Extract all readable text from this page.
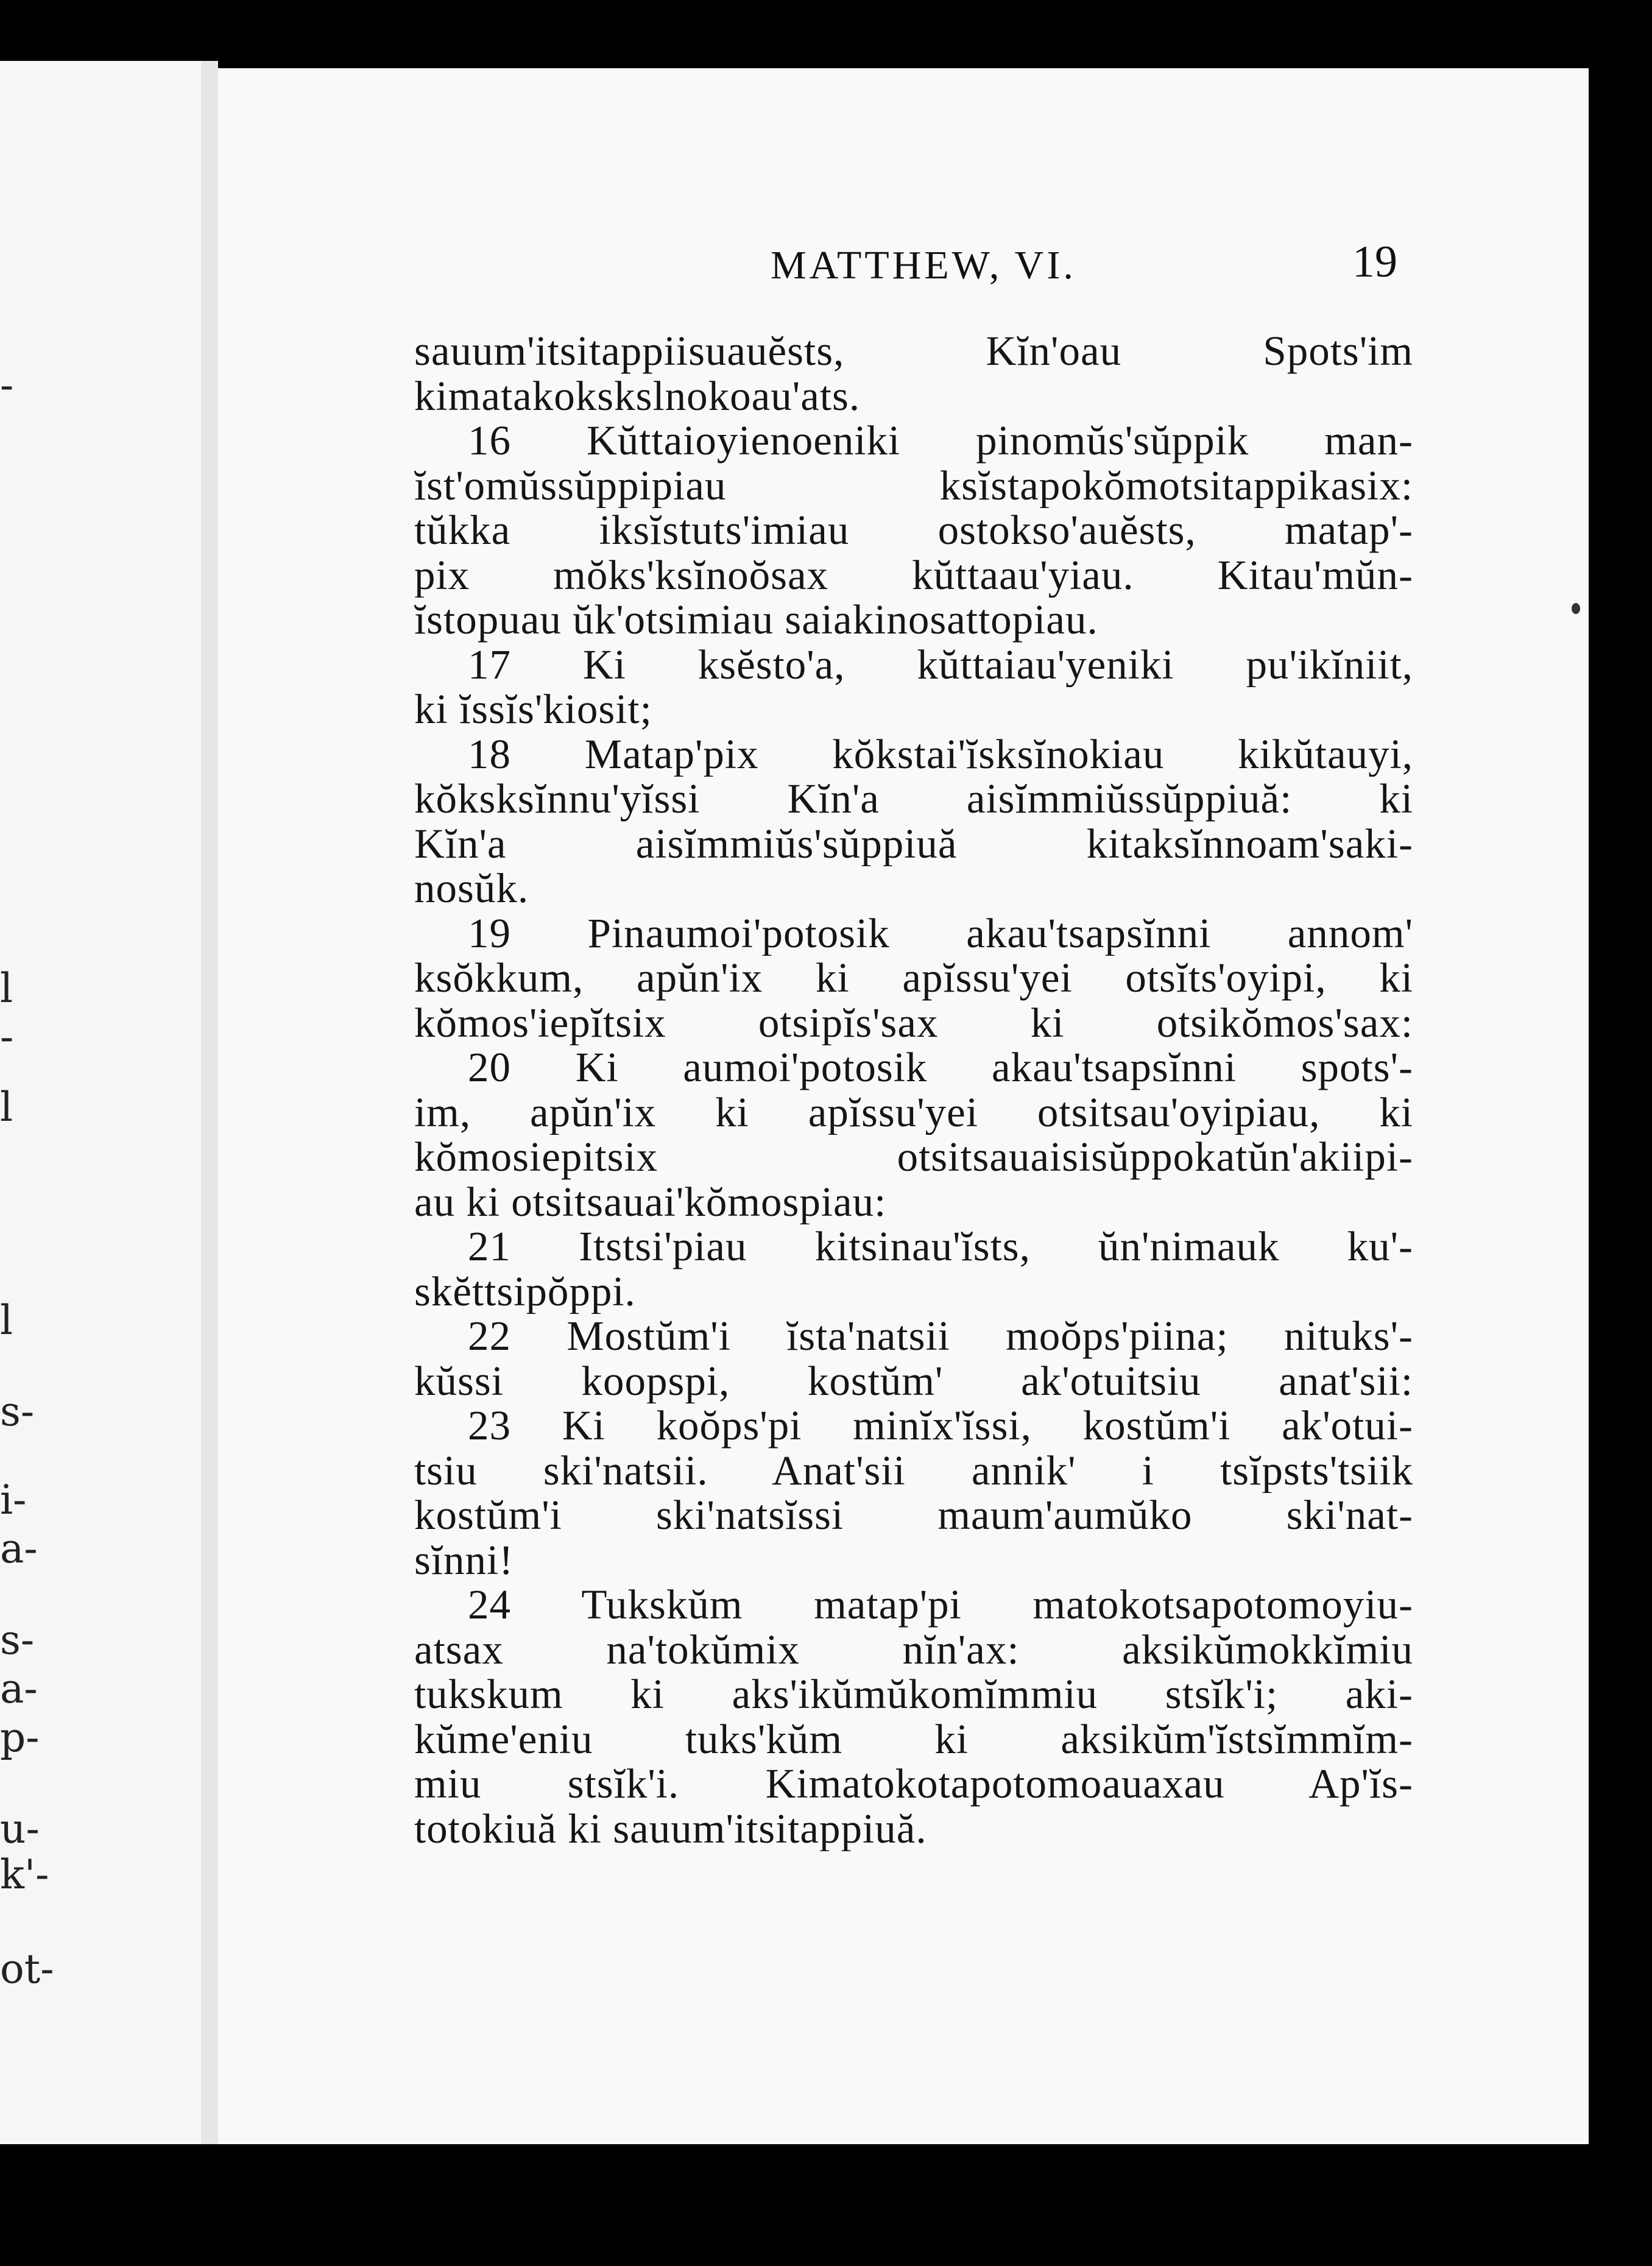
-
l
-
l
l
s-
i-
a-
s-
a-
p-
u-
k'-
ot-
MATTHEW, VI.	19
sauum'itsitappiisuauĕsts, Kĭn'oau Spots'im
kimatakokskslnokoau'ats.
16 Kŭttaioyienoeniki pinomŭs'sŭppik man-
ĭst'omŭssŭppipiau ksĭstapokŏmotsitappikasix:
tŭkka iksĭstuts'imiau ostokso'auĕsts, matap'-
pix mŏks'ksĭnoŏsax kŭttaau'yiau. Kitau'mŭn-
ĭstopuau ŭk'otsimiau saiakinosattopiau.
17 Ki ksĕsto'a, kŭttaiau'yeniki pu'ikĭniit,
ki ĭssĭs'kiosit;
18 Matap'pix kŏkstai'ĭsksĭnokiau kikŭtauyi,
kŏksksĭnnu'yĭssi Kĭn'a aisĭmmiŭssŭppiuă: ki
Kĭn'a aisĭmmiŭs'sŭppiuă kitaksĭnnoam'saki-
nosŭk.
19 Pinaumoi'potosik akau'tsapsĭnni annom'
ksŏkkum, apŭn'ix ki apĭssu'yei otsĭts'oyipi, ki
kŏmos'iepĭtsix otsipĭs'sax ki otsikŏmos'sax:
20 Ki aumoi'potosik akau'tsapsĭnni spots'-
im, apŭn'ix ki apĭssu'yei otsitsau'oyipiau, ki
kŏmosiepitsix otsitsauaisisŭppokatŭn'akiipi-
au ki otsitsauai'kŏmospiau:
21 Itstsi'piau kitsinau'ĭsts, ŭn'nimauk ku'-
skĕttsipŏppi.
22 Mostŭm'i ĭsta'natsii moŏps'piina; nituks'-
kŭssi koopspi, kostŭm' ak'otuitsiu anat'sii:
23 Ki koŏps'pi minĭx'ĭssi, kostŭm'i ak'otui-
tsiu ski'natsii. Anat'sii annik' i tsĭpsts'tsiik
kostŭm'i ski'natsĭssi maum'aumŭko ski'nat-
sĭnni!
24 Tukskŭm matap'pi matokotsapotomoyiu-
atsax na'tokŭmix nĭn'ax: aksikŭmokkĭmiu
tukskum ki aks'ikŭmŭkomĭmmiu stsĭk'i; aki-
kŭme'eniu tuks'kŭm ki aksikŭm'ĭstsĭmmĭm-
miu stsĭk'i. Kimatokotapotomoauaxau Ap'ĭs-
totokiuă ki sauum'itsitappiuă.
